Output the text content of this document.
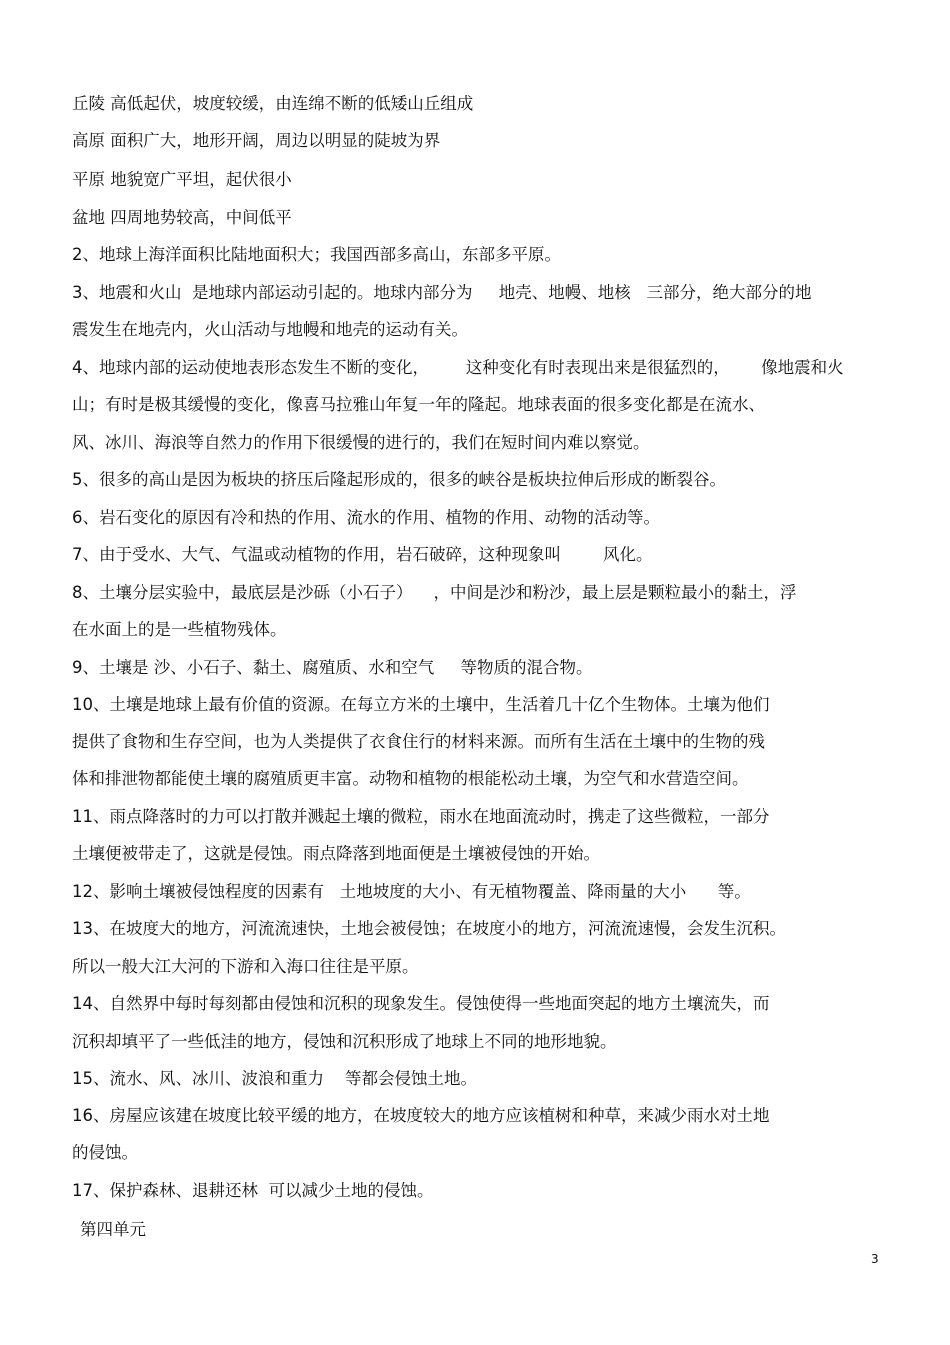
丘陵 高低起伏，坡度较缓，由连绵不断的低矮山丘组成
高原 面积广大，地形开阔，周边以明显的陡坡为界
平原 地貌宽广平坦，起伏很小
盆地 四周地势较高，中间低平
2、地球上海洋面积比陆地面积大；我国西部多高山，东部多平原。
3、地震和火山  是地球内部运动引起的。地球内部分为     地壳、地幔、地核   三部分，绝大部分的地
震发生在地壳内，火山活动与地幔和地壳的运动有关。
4、地球内部的运动使地表形态发生不断的变化，       这种变化有时表现出来是很猛烈的，      像地震和火
山；有时是极其缓慢的变化，像喜马拉雅山年复一年的隆起。地球表面的很多变化都是在流水、
风、冰川、海浪等自然力的作用下很缓慢的进行的，我们在短时间内难以察觉。
5、很多的高山是因为板块的挤压后隆起形成的，很多的峡谷是板块拉伸后形成的断裂谷。
6、岩石变化的原因有冷和热的作用、流水的作用、植物的作用、动物的活动等。
7、由于受水、大气、气温或动植物的作用，岩石破碎，这种现象叫        风化。
8、土壤分层实验中，最底层是沙砾（小石子）    ，中间是沙和粉沙，最上层是颗粒最小的黏土，浮
在水面上的是一些植物残体。
9、土壤是 沙、小石子、黏土、腐殖质、水和空气     等物质的混合物。
10、土壤是地球上最有价值的资源。在每立方米的土壤中，生活着几十亿个生物体。土壤为他们
提供了食物和生存空间，也为人类提供了衣食住行的材料来源。而所有生活在土壤中的生物的残
体和排泄物都能使土壤的腐殖质更丰富。动物和植物的根能松动土壤，为空气和水营造空间。
11、雨点降落时的力可以打散并溅起土壤的微粒，雨水在地面流动时，携走了这些微粒，一部分
土壤便被带走了，这就是侵蚀。雨点降落到地面便是土壤被侵蚀的开始。
12、影响土壤被侵蚀程度的因素有   土地坡度的大小、有无植物覆盖、降雨量的大小      等。
13、在坡度大的地方，河流流速快，土地会被侵蚀；在坡度小的地方，河流流速慢，会发生沉积。
所以一般大江大河的下游和入海口往往是平原。
14、自然界中每时每刻都由侵蚀和沉积的现象发生。侵蚀使得一些地面突起的地方土壤流失，而
沉积却填平了一些低洼的地方，侵蚀和沉积形成了地球上不同的地形地貌。
15、流水、风、冰川、波浪和重力    等都会侵蚀土地。
16、房屋应该建在坡度比较平缓的地方，在坡度较大的地方应该植树和种草，来减少雨水对土地
的侵蚀。
17、保护森林、退耕还林  可以减少土地的侵蚀。
第四单元
3
